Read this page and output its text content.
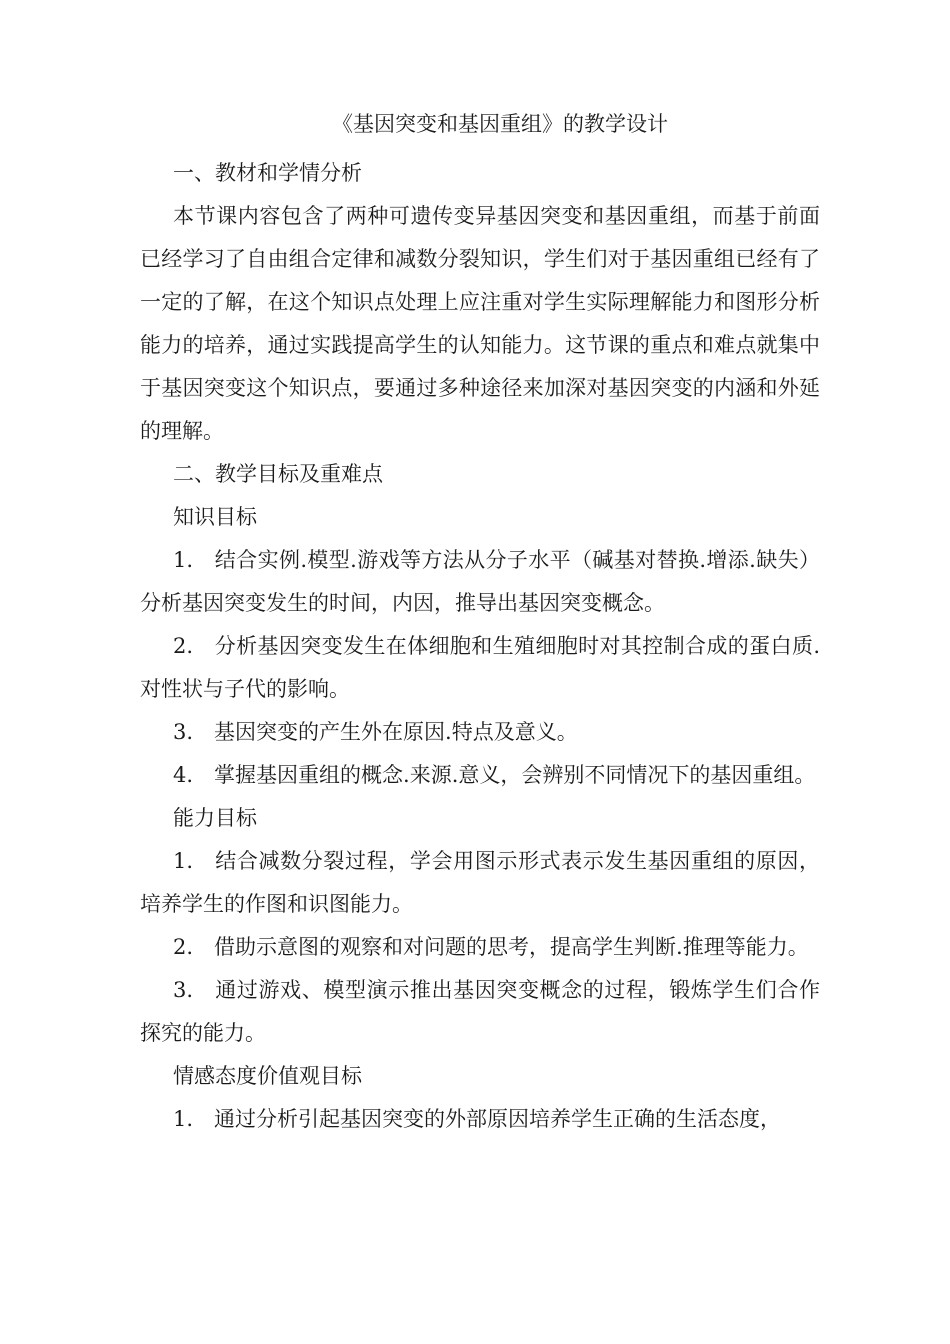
《基因突变和基因重组》的教学设计

一、教材和学情分析

本节课内容包含了两种可遗传变异基因突变和基因重组，而基于前面已经学习了自由组合定律和减数分裂知识，学生们对于基因重组已经有了一定的了解，在这个知识点处理上应注重对学生实际理解能力和图形分析能力的培养，通过实践提高学生的认知能力。这节课的重点和难点就集中于基因突变这个知识点，要通过多种途径来加深对基因突变的内涵和外延的理解。

二、教学目标及重难点

知识目标

1.　结合实例.模型.游戏等方法从分子水平（碱基对替换.增添.缺失）分析基因突变发生的时间，内因，推导出基因突变概念。

2.　分析基因突变发生在体细胞和生殖细胞时对其控制合成的蛋白质.对性状与子代的影响。

3.　基因突变的产生外在原因.特点及意义。

4.　掌握基因重组的概念.来源.意义，会辨别不同情况下的基因重组。

能力目标

1.　结合减数分裂过程，学会用图示形式表示发生基因重组的原因，培养学生的作图和识图能力。

2.　借助示意图的观察和对问题的思考，提高学生判断.推理等能力。

3.　通过游戏、模型演示推出基因突变概念的过程，锻炼学生们合作探究的能力。

情感态度价值观目标

1.　通过分析引起基因突变的外部原因培养学生正确的生活态度，
